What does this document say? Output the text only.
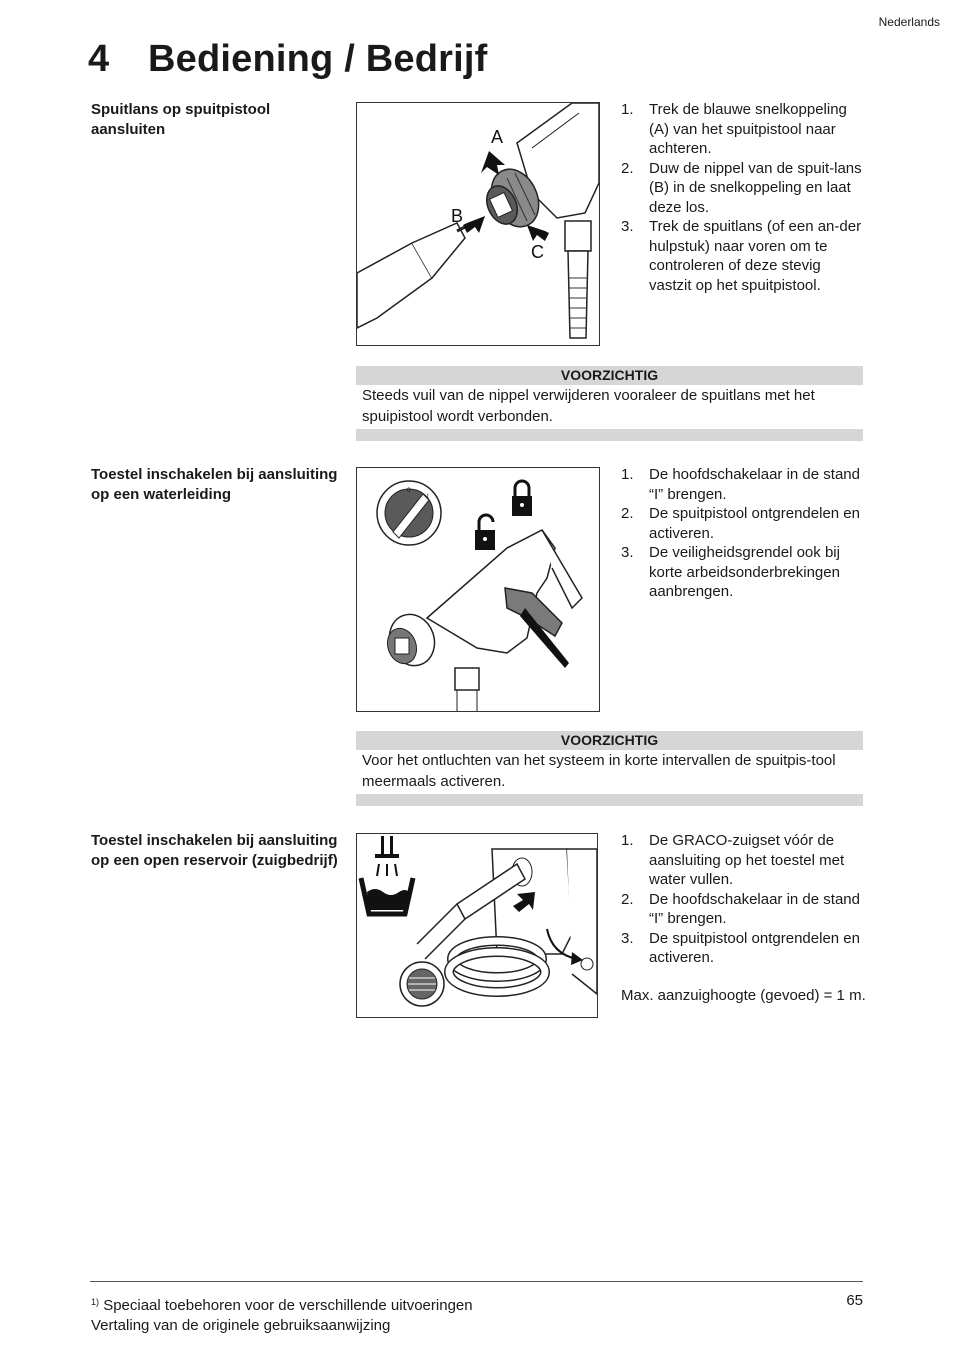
Nederlands
4 Bediening / Bedrijf
Spuitlans op spuitpistool aansluiten	A
B
C
1. Trek de blauwe snelkoppeling (A) van het spuitpistool naar achteren.
2. Duw de nippel van de spuit-lans (B) in de snelkoppeling en laat deze los.
3. Trek de spuitlans (of een an-der hulpstuk) naar voren om te controleren of deze stevig vastzit op het spuitpistool.
VOORZICHTIG
Steeds vuil van de nippel verwijderen vooraleer de spuitlans met het spuipistool wordt verbonden.
Toestel inschakelen bij aansluiting op een waterleiding	0
I
1. De hoofdschakelaar in de stand “I” brengen.
2. De spuitpistool ontgrendelen en activeren.
3. De veiligheidsgrendel ook bij korte arbeidsonderbrekingen aanbrengen.
VOORZICHTIG
Voor het ontluchten van het systeem in korte intervallen de spuitpis-tool meermaals activeren.
Toestel inschakelen bij aansluiting op een open reservoir (zuigbedrijf)
1. De GRACO-zuigset vóór de aansluiting op het toestel met water vullen.
2. De hoofdschakelaar in de stand “I” brengen.
3. De spuitpistool ontgrendelen en activeren.
Max. aanzuighoogte (gevoed) = 1 m.
$^{1)}$ Speciaal toebehoren voor de verschillende uitvoeringen
Vertaling van de originele gebruiksaanwijzing
65
